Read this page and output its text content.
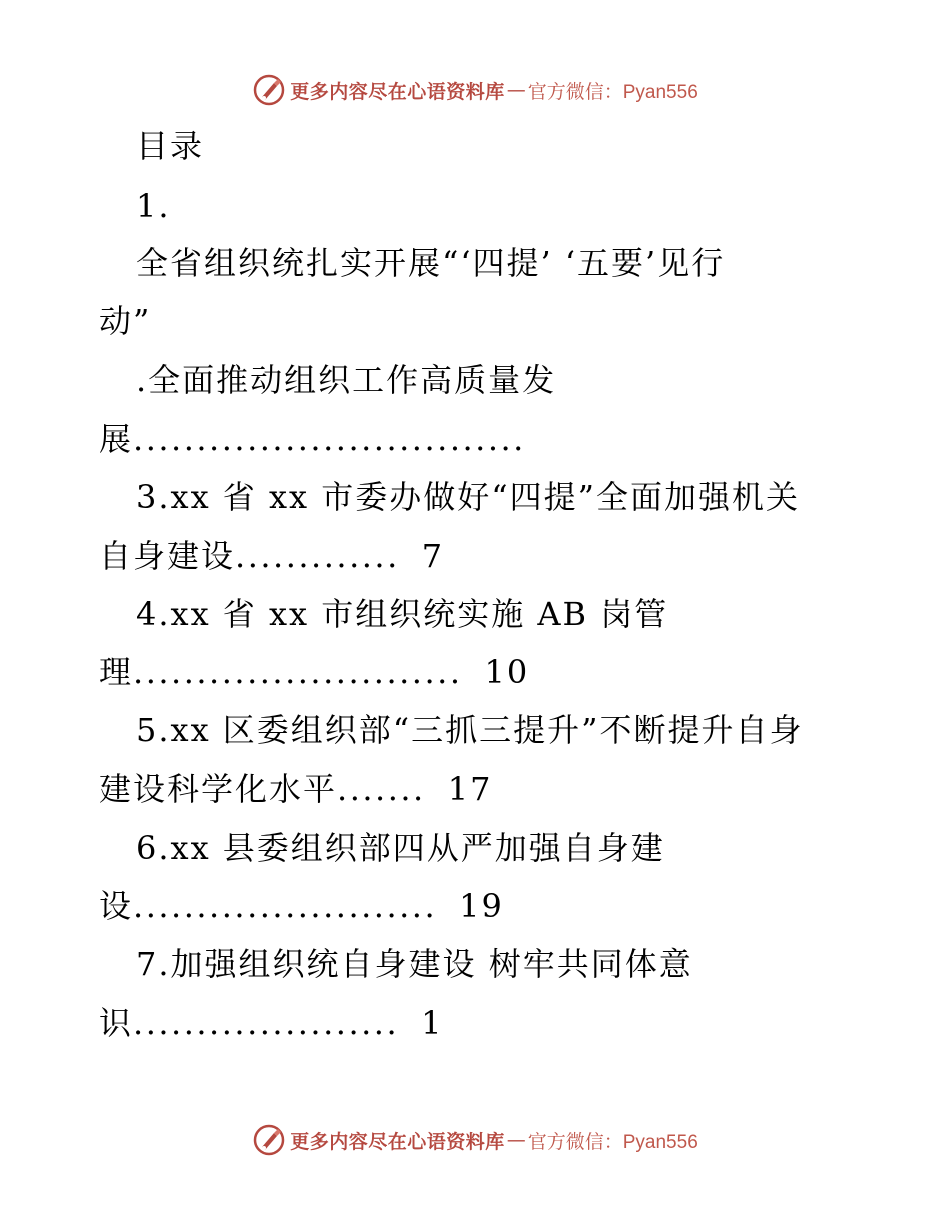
更多内容尽在心语资料库 — 官方微信：Pyan556
目录
1.
全省组织统扎实开展“‘四提’ ‘五要’见行
动”
.全面推动组织工作高质量发
展...............................
3.xx 省 xx 市委办做好“四提”全面加强机关
自身建设............. 7
4.xx 省 xx 市组织统实施 AB 岗管
理.......................... 10
5.xx 区委组织部“三抓三提升”不断提升自身
建设科学化水平....... 17
6.xx 县委组织部四从严加强自身建
设........................ 19
7.加强组织统自身建设 树牢共同体意
识..................... 1
更多内容尽在心语资料库 — 官方微信：Pyan556
